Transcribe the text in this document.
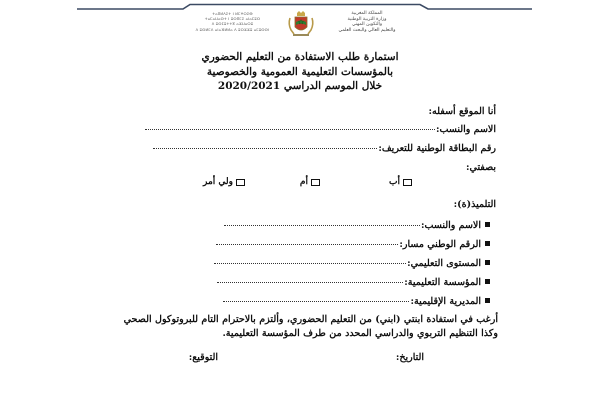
ⵜⴰⴳⵍⴷⵉⵜ ⵏ ⵍⵎⵖⵔⵉⴱ
ⵜⴰⵎⴰⵡⴰⵙⵜ ⵏ ⵓⵙⴳⵎⵉ ⴰⵏⴰⵎⵓⵔ
ⴷ ⵓⵙⵎⵓⵜⵜⴳ ⴰⵣⵡⴰⵔⵓ
ⴷ ⵓⵙⵍⵎⴷ ⴰⵏⴰⴼⵍⵍⴰ ⴷ ⵓⵔⵣⵣⵓ ⴰⵎⵓⵙⵙⵏ
المملكة المغربية
وزارة التربية الوطنية
والتكوين المهني
والتعليم العالي والبحث العلمي
استمارة طلب الاستفادة من التعليم الحضوري
بالمؤسسات التعليمية العمومية والخصوصية
خلال الموسم الدراسي 2020/2021
أنا الموقع أسفله:
الاسم والنسب:
رقم البطاقة الوطنية للتعريف:
بصفتي:
أب
أم
ولي أمر
التلميذ(ة):
الاسم والنسب:
الرقم الوطني مسار:
المستوى التعليمي:
المؤسسة التعليمية:
المديرية الإقليمية:
أرغب في استفادة ابنتي (ابني) من التعليم الحضوري، وألتزم بالاحترام التام للبروتوكول الصحي
وكذا التنظيم التربوي والدراسي المحدد من طرف المؤسسة التعليمية.
التاريخ:
التوقيع:
